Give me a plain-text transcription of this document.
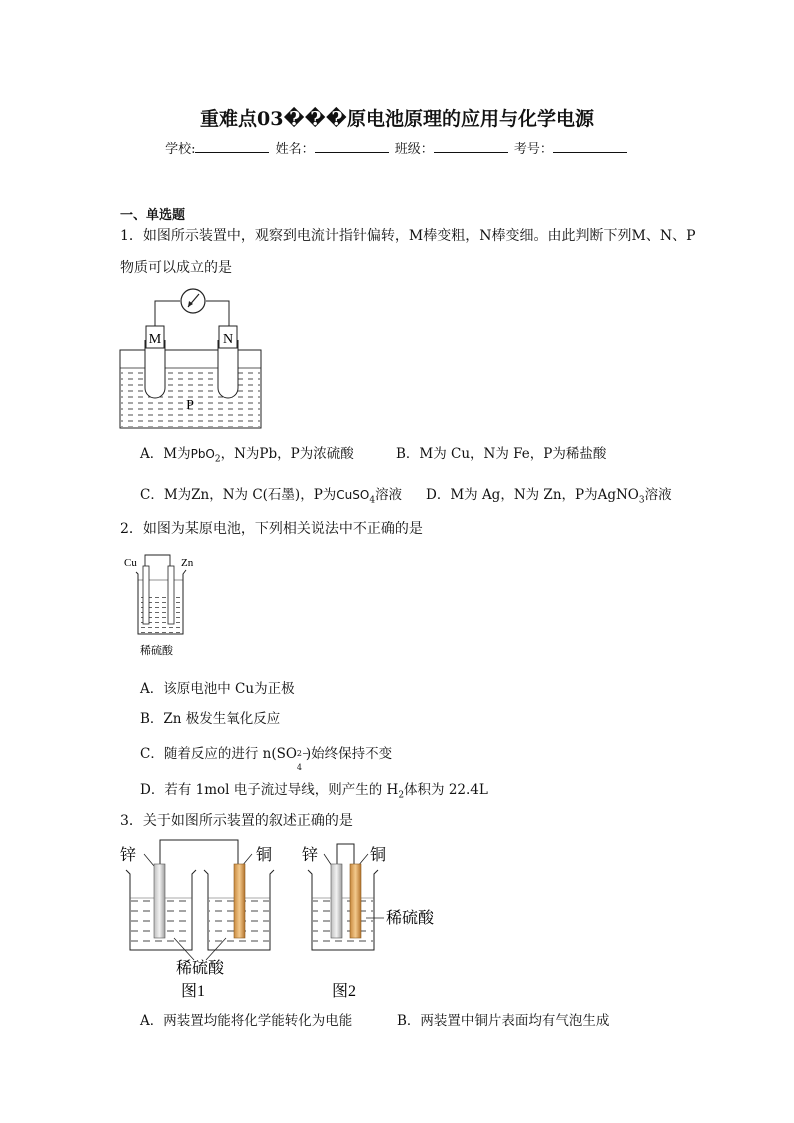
重难点03���原电池原理的应用与化学电源
学校:	姓名：	班级：	考号：
一、单选题
1．如图所示装置中，观察到电流计指针偏转，M棒变粗，N棒变细。由此判断下列M、N、P
物质可以成立的是
M	N
P
A．M为PbO$_2$，N为Pb，P为浓硫酸	B．M为 Cu，N为 Fe，P为稀盐酸
C．M为Zn，N为 C(石墨)，P为CuSO$_4$溶液 D．M为 Ag，N为 Zn，P为AgNO$_3$溶液
2．如图为某原电池，下列相关说法中不正确的是
Cu	Zn
稀硫酸
A．该原电池中 Cu为正极
B．Zn 极发生氧化反应
C．随着反应的进行 n(SO 2−
4
)始终保持不变
D．若有 1mol 电子流过导线，则产生的 $H_2$体积为 22.4L
3．关于如图所示装置的叙述正确的是
锌	铜
稀硫酸
图1
锌	铜
稀硫酸
图2
A．两装置均能将化学能转化为电能	B．两装置中铜片表面均有气泡生成
